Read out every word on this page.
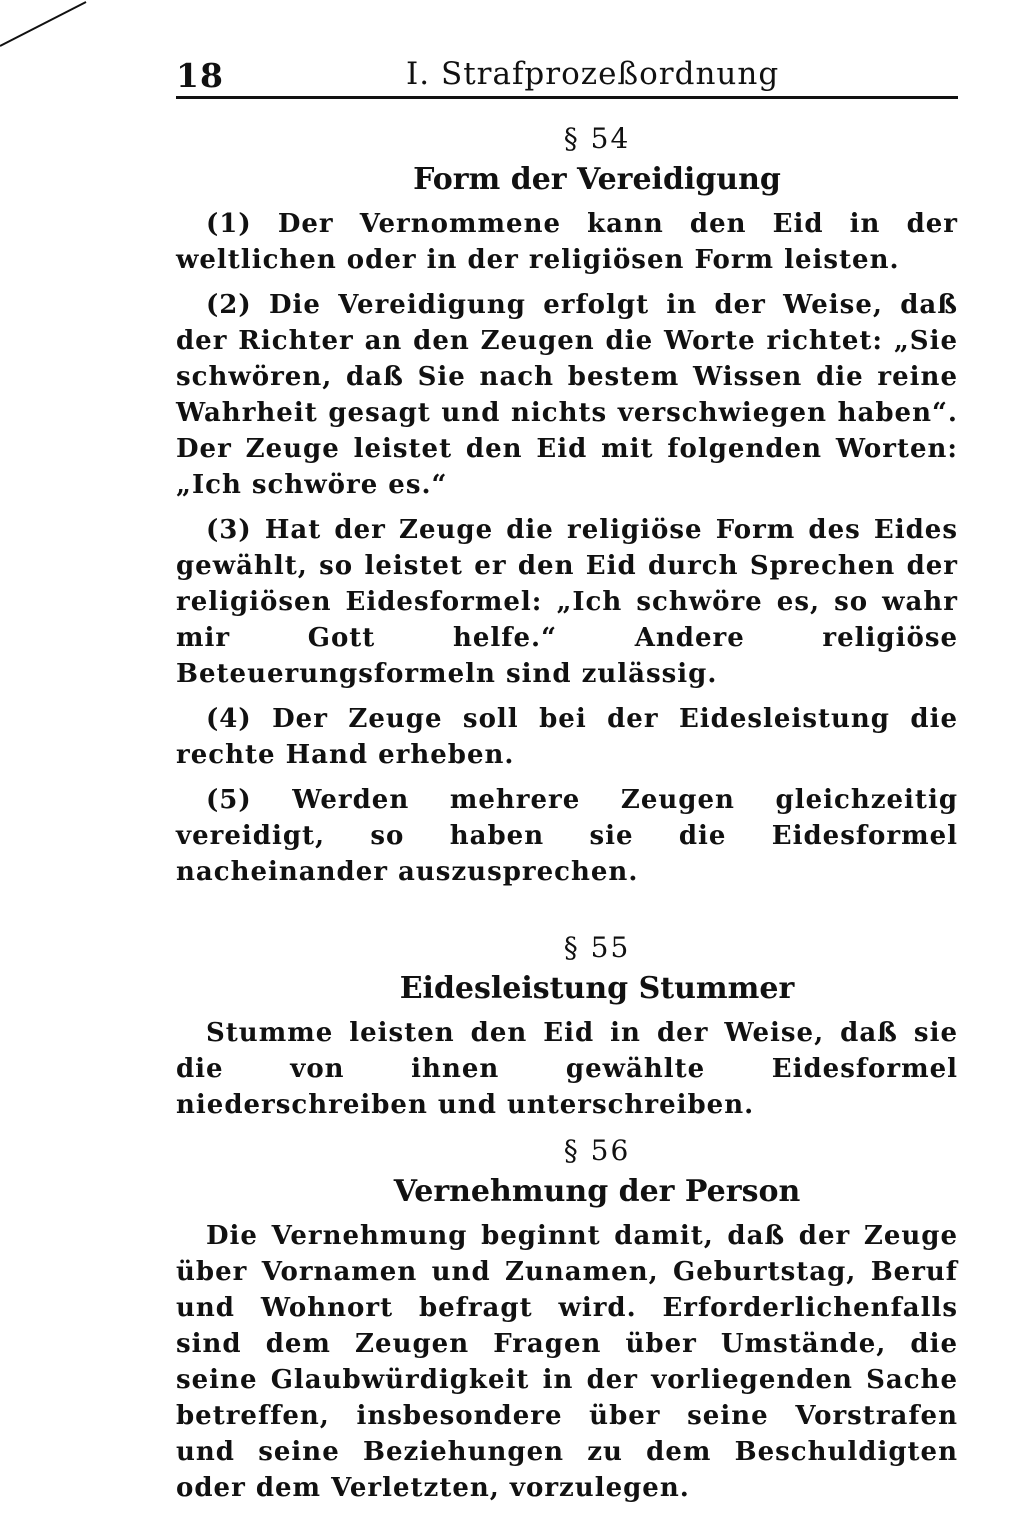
18	I. Strafprozeßordnung
§ 54
Form der Vereidigung

(1) Der Vernommene kann den Eid in der weltlichen oder in der religiösen Form leisten.

(2) Die Vereidigung erfolgt in der Weise, daß der Richter an den Zeugen die Worte richtet: „Sie schwören, daß Sie nach bestem Wissen die reine Wahrheit gesagt und nichts verschwiegen haben“. Der Zeuge leistet den Eid mit folgenden Worten: „Ich schwöre es.“

(3) Hat der Zeuge die religiöse Form des Eides gewählt, so leistet er den Eid durch Sprechen der religiösen Eidesformel: „Ich schwöre es, so wahr mir Gott helfe.“ Andere religiöse Beteuerungsformeln sind zulässig.

(4) Der Zeuge soll bei der Eidesleistung die rechte Hand erheben.

(5) Werden mehrere Zeugen gleichzeitig vereidigt, so haben sie die Eidesformel nacheinander auszusprechen.

§ 55
Eidesleistung Stummer

Stumme leisten den Eid in der Weise, daß sie die von ihnen gewählte Eidesformel niederschreiben und unterschreiben.

§ 56
Vernehmung der Person

Die Vernehmung beginnt damit, daß der Zeuge über Vornamen und Zunamen, Geburtstag, Beruf und Wohnort befragt wird. Erforderlichenfalls sind dem Zeugen Fragen über Umstände, die seine Glaubwürdigkeit in der vorliegenden Sache betreffen, insbesondere über seine Vorstrafen und seine Beziehungen zu dem Beschuldigten oder dem Verletzten, vorzulegen.
